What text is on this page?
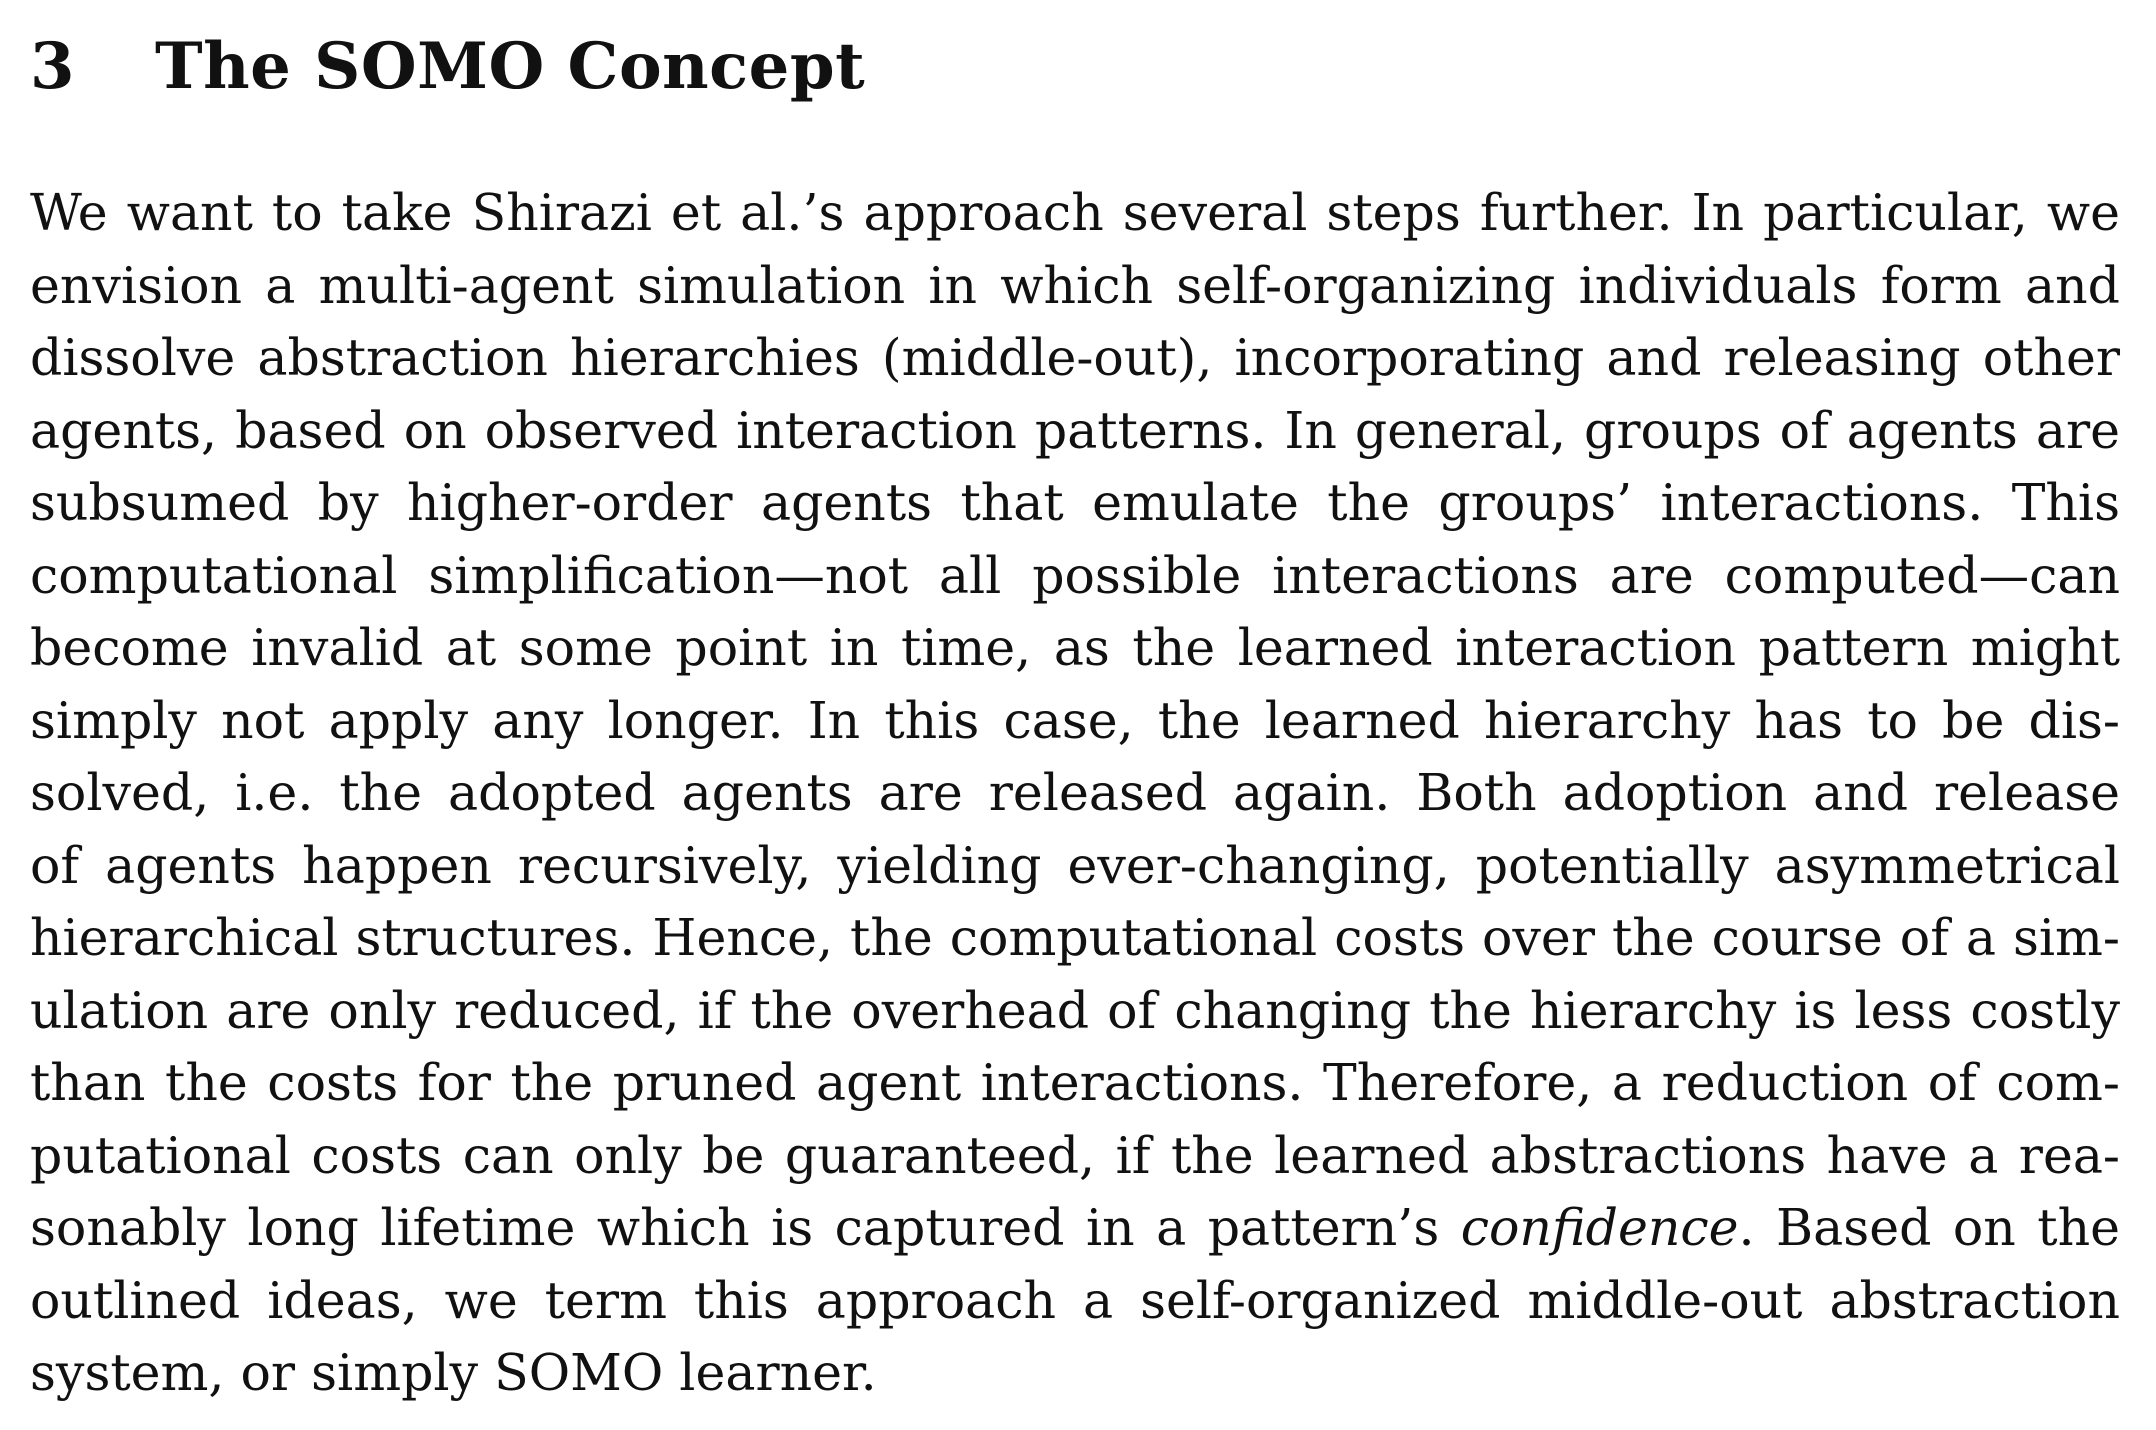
3	The SOMO Concept
We want to take Shirazi et al.’s approach several steps further. In particular, we
envision a multi-agent simulation in which self-organizing individuals form and
dissolve abstraction hierarchies (middle-out), incorporating and releasing other
agents, based on observed interaction patterns. In general, groups of agents are
subsumed by higher-order agents that emulate the groups’ interactions. This
computational simplification—not all possible interactions are computed—can
become invalid at some point in time, as the learned interaction pattern might
simply not apply any longer. In this case, the learned hierarchy has to be dis-
solved, i.e. the adopted agents are released again. Both adoption and release
of agents happen recursively, yielding ever-changing, potentially asymmetrical
hierarchical structures. Hence, the computational costs over the course of a sim-
ulation are only reduced, if the overhead of changing the hierarchy is less costly
than the costs for the pruned agent interactions. Therefore, a reduction of com-
putational costs can only be guaranteed, if the learned abstractions have a rea-
sonably long lifetime which is captured in a pattern’s confidence. Based on the
outlined ideas, we term this approach a self-organized middle-out abstraction
system, or simply SOMO learner.
